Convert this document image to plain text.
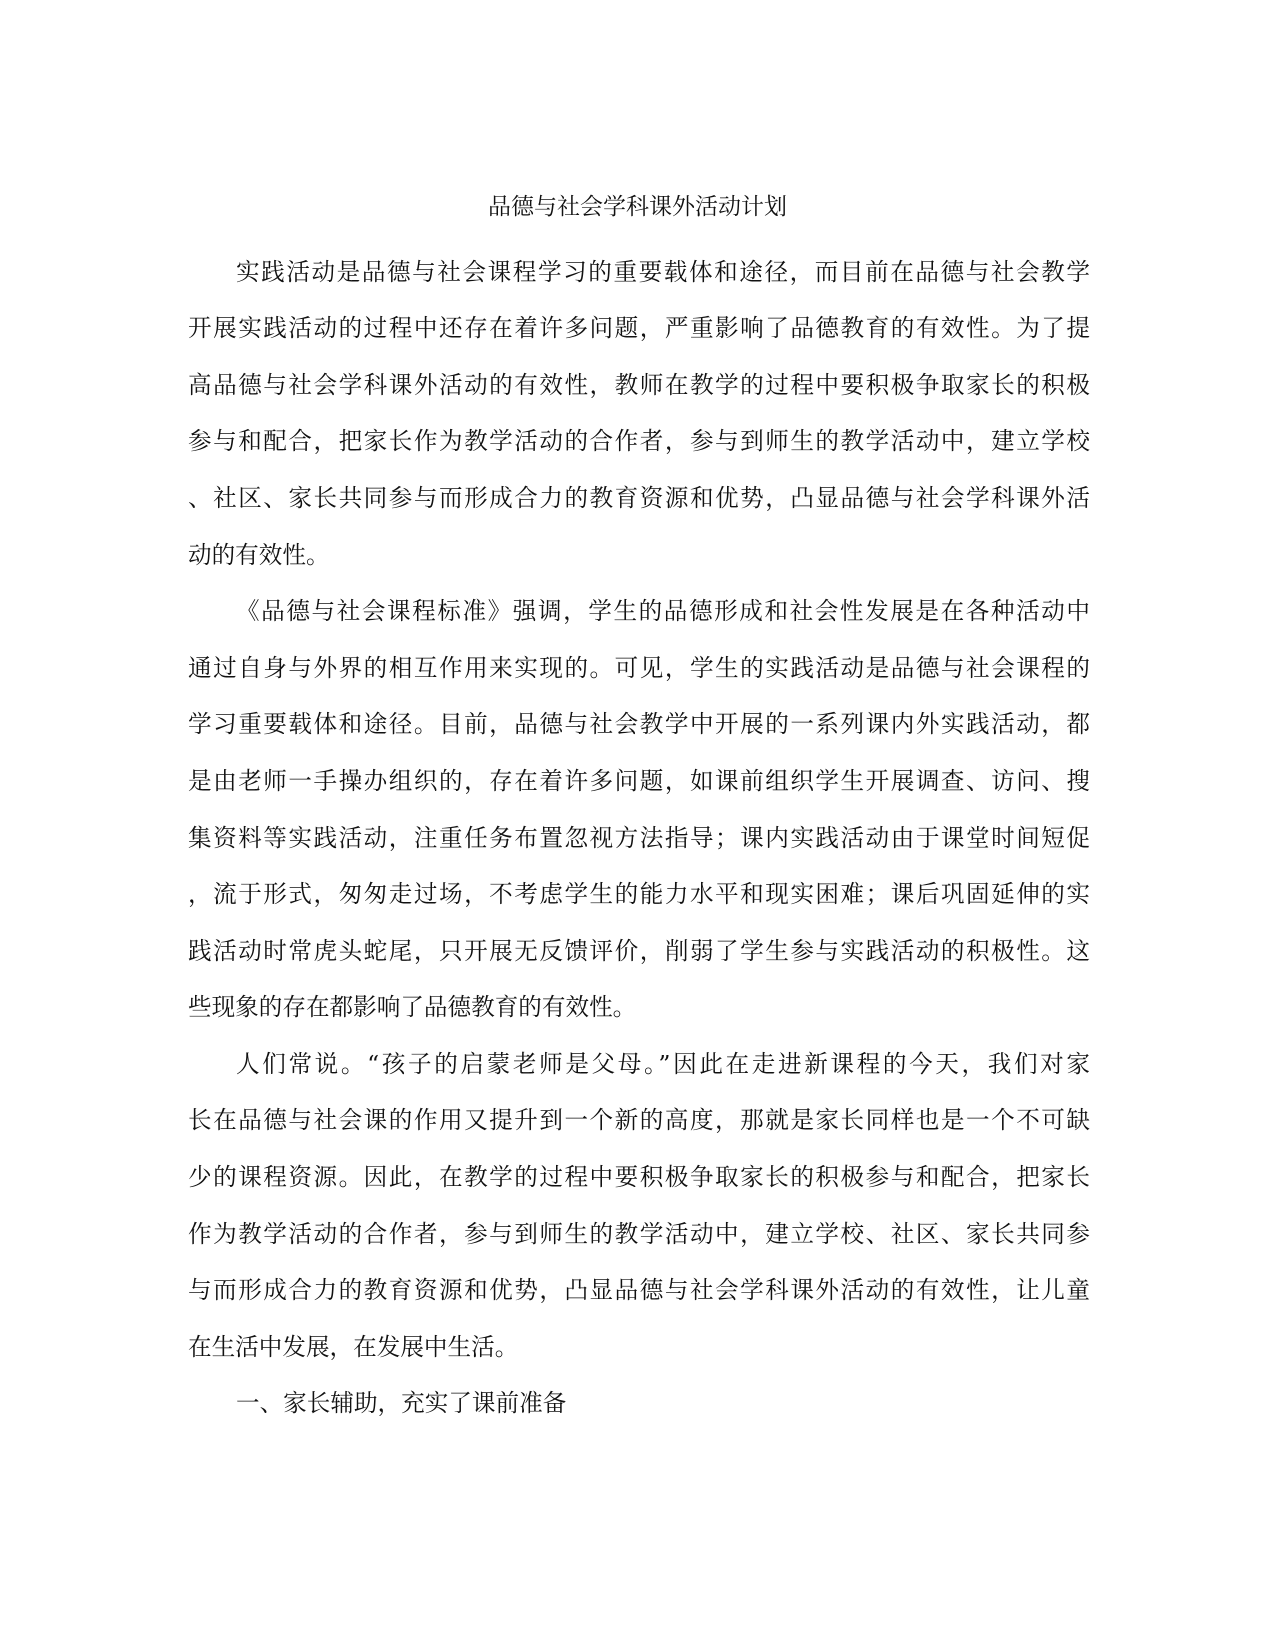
品德与社会学科课外活动计划

实践活动是品德与社会课程学习的重要载体和途径，而目前在品德与社会教学

开展实践活动的过程中还存在着许多问题，严重影响了品德教育的有效性。为了提

高品德与社会学科课外活动的有效性，教师在教学的过程中要积极争取家长的积极

参与和配合，把家长作为教学活动的合作者，参与到师生的教学活动中，建立学校

、社区、家长共同参与而形成合力的教育资源和优势，凸显品德与社会学科课外活

动的有效性。

《品德与社会课程标准》强调，学生的品德形成和社会性发展是在各种活动中

通过自身与外界的相互作用来实现的。可见，学生的实践活动是品德与社会课程的

学习重要载体和途径。目前，品德与社会教学中开展的一系列课内外实践活动，都

是由老师一手操办组织的，存在着许多问题，如课前组织学生开展调查、访问、搜

集资料等实践活动，注重任务布置忽视方法指导；课内实践活动由于课堂时间短促

，流于形式，匆匆走过场，不考虑学生的能力水平和现实困难；课后巩固延伸的实

践活动时常虎头蛇尾，只开展无反馈评价，削弱了学生参与实践活动的积极性。这

些现象的存在都影响了品德教育的有效性。

人们常说。“孩子的启蒙老师是父母。”因此在走进新课程的今天，我们对家

长在品德与社会课的作用又提升到一个新的高度，那就是家长同样也是一个不可缺

少的课程资源。因此，在教学的过程中要积极争取家长的积极参与和配合，把家长

作为教学活动的合作者，参与到师生的教学活动中，建立学校、社区、家长共同参

与而形成合力的教育资源和优势，凸显品德与社会学科课外活动的有效性，让儿童

在生活中发展，在发展中生活。

一、家长辅助，充实了课前准备
